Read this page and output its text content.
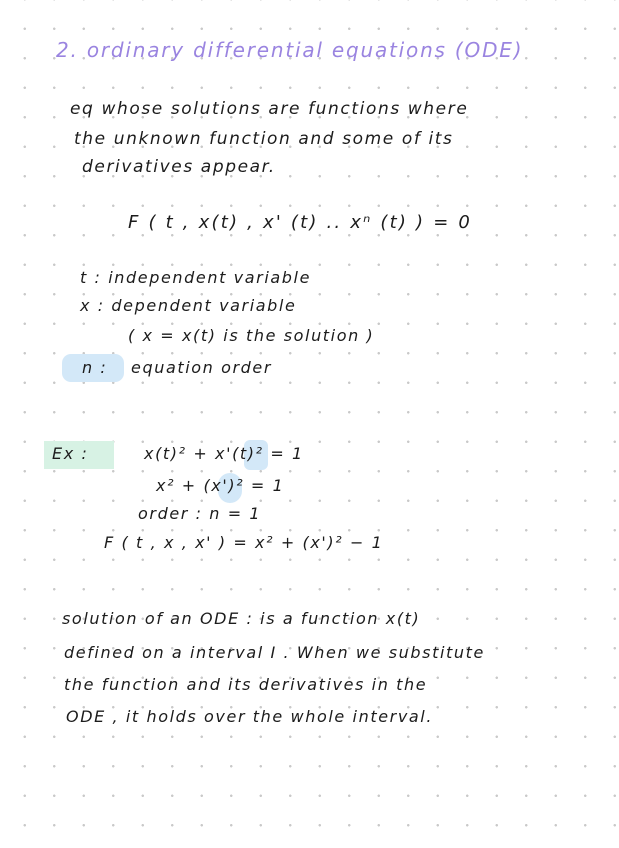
2. ordinary differential equations (ODE)
eq whose solutions are functions where
the unknown function and some of its
derivatives appear.
F ( t , x(t) , x' (t) .. xⁿ (t) ) = 0
t : independent variable
x : dependent variable
( x = x(t) is the solution )
n : equation order
Ex :	x(t)² + x'(t)² = 1
x² + (x')² = 1
order : n = 1
F ( t , x , x' ) = x² + (x')² − 1
solution of an ODE : is a function x(t)
defined on a interval I . When we substitute
the function and its derivatives in the
ODE , it holds over the whole interval.
